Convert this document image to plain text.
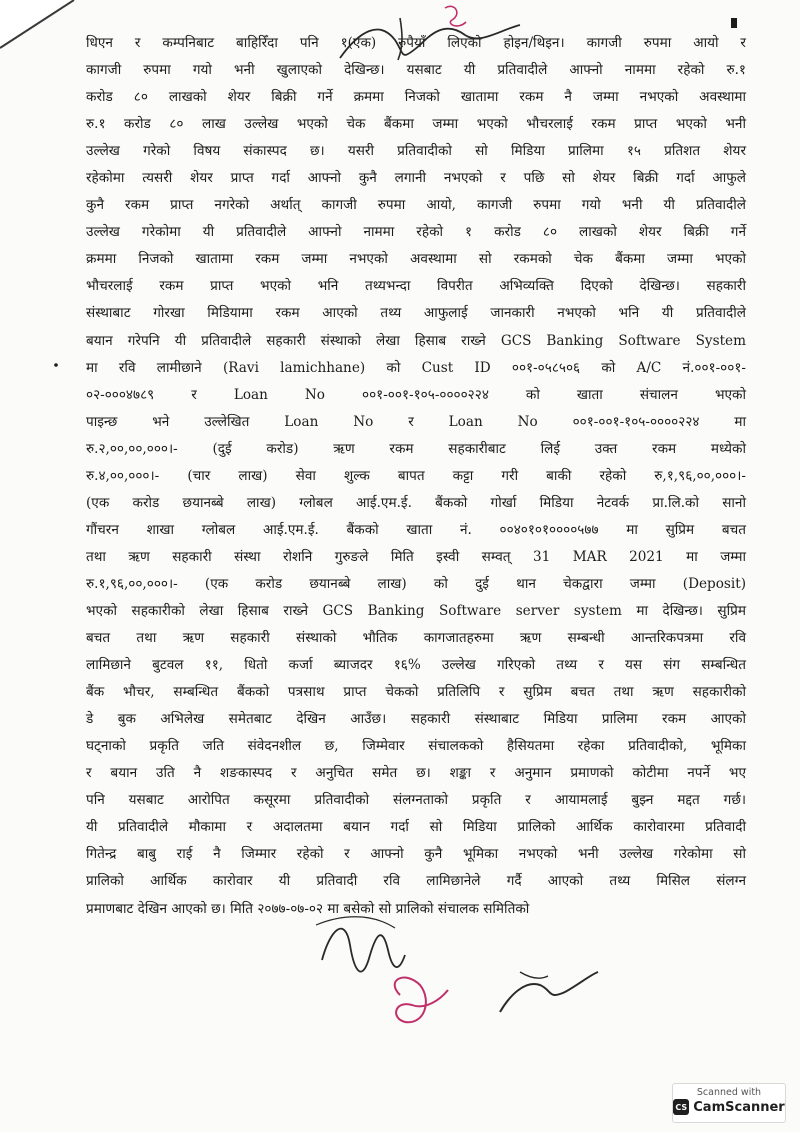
धिएन र कम्पनिबाट बाहिरिँदा पनि १(एक) रुपैयाँ लिएको होइन/थिइन। कागजी रुपमा आयो र
कागजी रुपमा गयो भनी खुलाएको देखिन्छ। यसबाट यी प्रतिवादीले आफ्नो नाममा रहेको रु.१
करोड ८० लाखको शेयर बिक्री गर्ने क्रममा निजको खातामा रकम नै जम्मा नभएको अवस्थामा
रु.१ करोड ८० लाख उल्लेख भएको चेक बैंकमा जम्मा भएको भौचरलाई रकम प्राप्त भएको भनी
उल्लेख गरेको विषय संकास्पद छ। यसरी प्रतिवादीको सो मिडिया प्रालिमा १५ प्रतिशत शेयर
रहेकोमा त्यसरी शेयर प्राप्त गर्दा आफ्नो कुनै लगानी नभएको र पछि सो शेयर बिक्री गर्दा आफुले
कुनै रकम प्राप्त नगरेको अर्थात् कागजी रुपमा आयो, कागजी रुपमा गयो भनी यी प्रतिवादीले
उल्लेख गरेकोमा यी प्रतिवादीले आफ्नो नाममा रहेको १ करोड ८० लाखको शेयर बिक्री गर्ने
क्रममा निजको खातामा रकम जम्मा नभएको अवस्थामा सो रकमको चेक बैंकमा जम्मा भएको
भौचरलाई रकम प्राप्त भएको भनि तथ्यभन्दा विपरीत अभिव्यक्ति दिएको देखिन्छ। सहकारी
संस्थाबाट गोरखा मिडियामा रकम आएको तथ्य आफुलाई जानकारी नभएको भनि यी प्रतिवादीले
बयान गरेपनि यी प्रतिवादीले सहकारी संस्थाको लेखा हिसाब राख्ने GCS Banking Software System
मा रवि लामीछाने (Ravi lamichhane) को Cust ID ००१-०५८५०६ को A/C नं.००१-००१-
०२-०००४७८९ र Loan No ००१-००१-१०५-००००२२४ को खाता संचालन भएको
पाइन्छ भने उल्लेखित Loan No र Loan No ००१-००१-१०५-००००२२४ मा
रु.२,००,००,०००।- (दुई करोड) ऋण रकम सहकारीबाट लिई उक्त रकम मध्येको
रु.४,००,०००।- (चार लाख) सेवा शुल्क बापत कट्टा गरी बाकी रहेको रु,१,९६,००,०००।-
(एक करोड छयानब्बे लाख) ग्लोबल आई.एम.ई. बैंकको गोर्खा मिडिया नेटवर्क प्रा.लि.को सानो
गौंचरन शाखा ग्लोबल आई.एम.ई. बैंकको खाता नं. ००४०१०१००००५७७ मा सुप्रिम बचत
तथा ऋण सहकारी संस्था रोशनि गुरुङले मिति इस्वी सम्वत् 31 MAR 2021 मा जम्मा
रु.१,९६,००,०००।- (एक करोड छयानब्बे लाख) को दुई थान चेकद्वारा जम्मा (Deposit)
भएको सहकारीको लेखा हिसाब राख्ने GCS Banking Software server system मा देखिन्छ। सुप्रिम
बचत तथा ऋण सहकारी संस्थाको भौतिक कागजातहरुमा ऋण सम्बन्धी आन्तरिकपत्रमा रवि
लामिछाने बुटवल ११, धितो कर्जा ब्याजदर १६% उल्लेख गरिएको तथ्य र यस संग सम्बन्धित
बैंक भौचर, सम्बन्धित बैंकको पत्रसाथ प्राप्त चेकको प्रतिलिपि र सुप्रिम बचत तथा ऋण सहकारीको
डे बुक अभिलेख समेतबाट देखिन आउँछ। सहकारी संस्थाबाट मिडिया प्रालिमा रकम आएको
घट्नाको प्रकृति जति संवेदनशील छ, जिम्मेवार संचालकको हैसियतमा रहेका प्रतिवादीको, भूमिका
र बयान उति नै शङकास्पद र अनुचित समेत छ। शङ्का र अनुमान प्रमाणको कोटीमा नपर्ने भए
पनि यसबाट आरोपित कसूरमा प्रतिवादीको संलग्नताको प्रकृति र आयामलाई बुझ्न मद्दत गर्छ।
यी प्रतिवादीले मौकामा र अदालतमा बयान गर्दा सो मिडिया प्रालिको आर्थिक कारोवारमा प्रतिवादी
गितेन्द्र बाबु राई नै जिम्मार रहेको र आफ्नो कुनै भूमिका नभएको भनी उल्लेख गरेकोमा सो
प्रालिको आर्थिक कारोवार यी प्रतिवादी रवि लामिछानेले गर्दै आएको तथ्य मिसिल संलग्न
प्रमाणबाट देखिन आएको छ। मिति २०७७-०७-०२ मा बसेको सो प्रालिको संचालक समितिको
Scanned with
CS CamScanner
